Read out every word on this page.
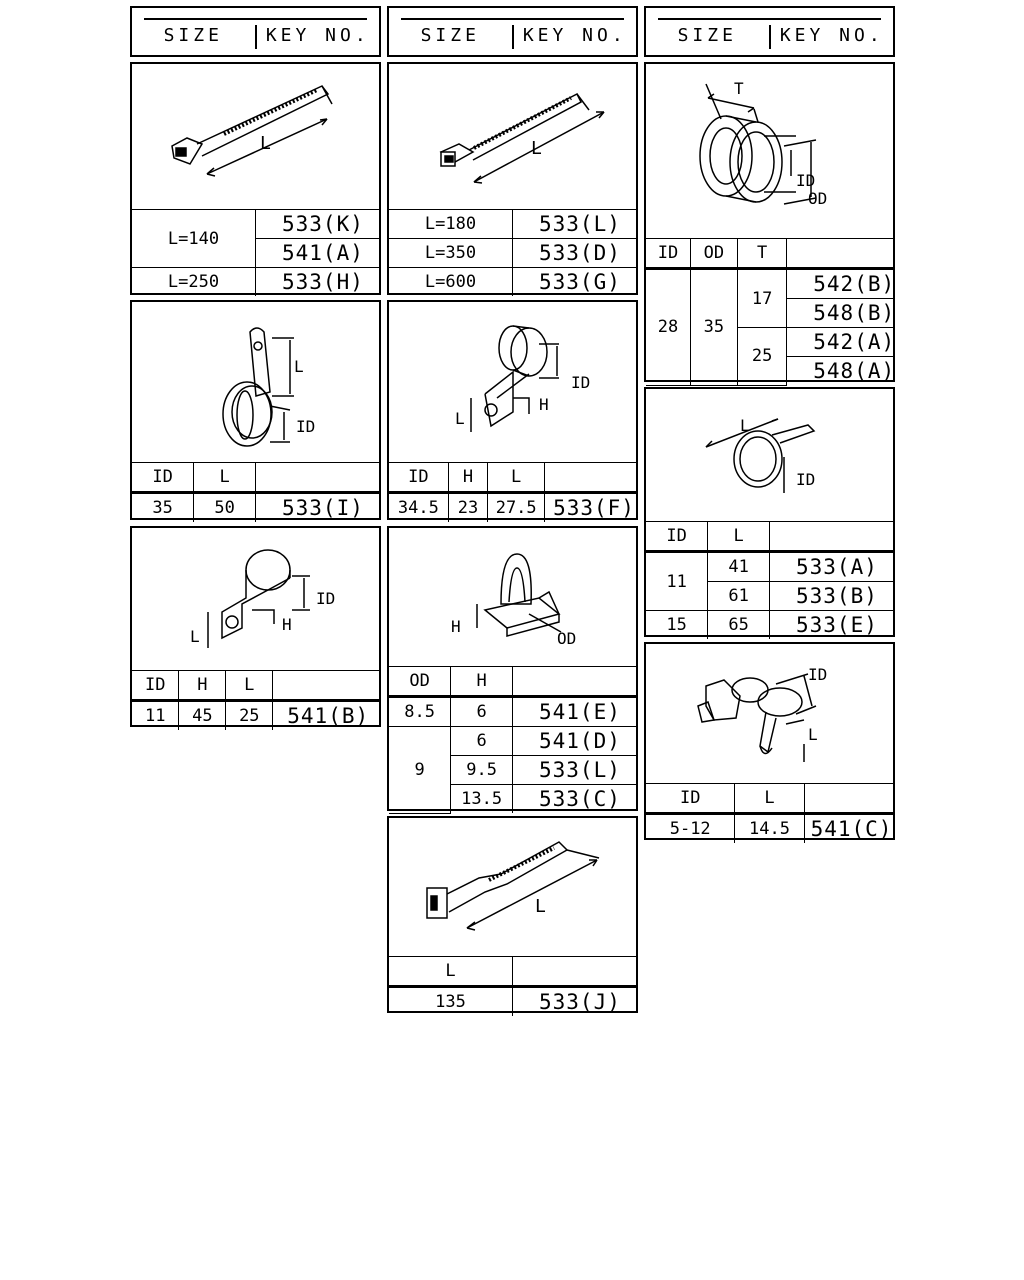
SIZE	KEY NO.	SIZE	KEY NO.	SIZE	KEY NO.
L
L=140	533(K)
	541(A)
L=250	533(H)
L
L=180	533(L)
L=350	533(D)
L=600	533(G)
T
ID
OD
ID	OD	T	
28	35	17	542(B)
			548(B)
		25	542(A)
			548(A)
L
ID
ID	L	
35	50	533(I)
ID
H
L
ID	H	L	
34.5	23	27.5	533(F)
L
ID
ID	L	
11	41	533(A)
	61	533(B)
15	65	533(E)
ID
H
L
ID	H	L	
11	45	25	541(B)
H
OD
OD	H	
8.5	6	541(E)
9	6	541(D)
	9.5	533(L)
	13.5	533(C)
ID
L
ID	L	
5-12	14.5	541(C)
L
L	
135	533(J)
